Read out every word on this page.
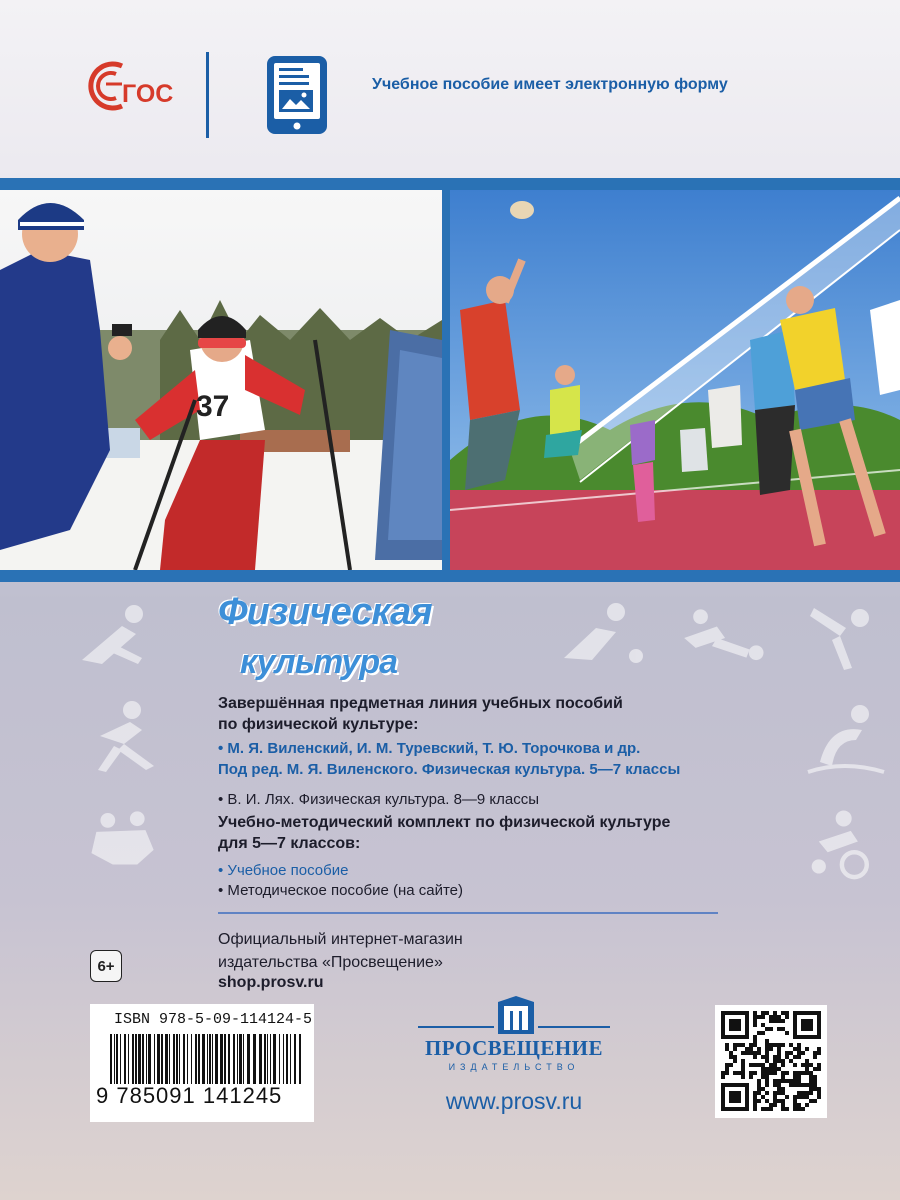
ГОС	Учебное пособие имеет электронную форму
37
Физическая
культура
Завершённая предметная линия учебных пособий
по физической культуре:
• М. Я. Виленский, И. М. Туревский, Т. Ю. Торочкова и др.
Под ред. М. Я. Виленского. Физическая культура. 5—7 классы
• В. И. Лях. Физическая культура. 8—9 классы
Учебно-методический комплект по физической культуре
для 5—7 классов:
• Учебное пособие
• Методическое пособие (на сайте)
Официальный интернет-магазин
издательства «Просвещение»
shop.prosv.ru
6+
ISBN 978-5-09-114124-5
9 785091 141245
ПРОСВЕЩЕНИЕ
ИЗДАТЕЛЬСТВО
www.prosv.ru
